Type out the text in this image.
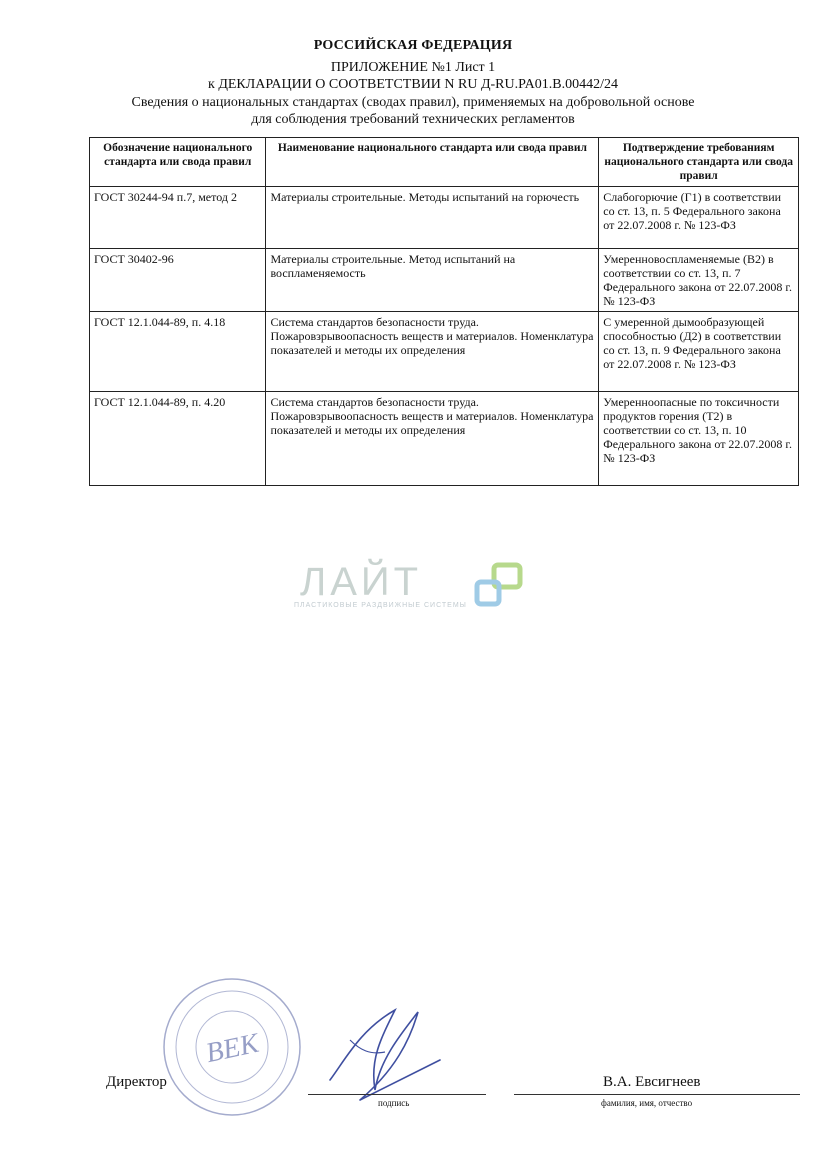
РОССИЙСКАЯ ФЕДЕРАЦИЯ
ПРИЛОЖЕНИЕ №1 Лист 1
к ДЕКЛАРАЦИИ О СООТВЕТСТВИИ N RU Д-RU.PA01.B.00442/24
Сведения о национальных стандартах (сводах правил), применяемых на добровольной основе
для соблюдения требований технических регламентов
Обозначение национального стандарта или свода правил	Наименование национального стандарта или свода правил	Подтверждение требованиям национального стандарта или свода правил
ГОСТ 30244-94 п.7, метод 2	Материалы строительные. Методы испытаний на горючесть	Слабогорючие (Г1) в соответствии со ст. 13, п. 5 Федерального закона от 22.07.2008 г. № 123-ФЗ
ГОСТ 30402-96	Материалы строительные. Метод испытаний на воспламеняемость	Умеренновоспламеняемые (В2) в соответствии со ст. 13, п. 7 Федерального закона от 22.07.2008 г. № 123-ФЗ
ГОСТ 12.1.044-89, п. 4.18	Система стандартов безопасности труда. Пожаровзрывоопасность веществ и материалов. Номенклатура показателей и методы их определения	С умеренной дымообразующей способностью (Д2) в соответствии со ст. 13, п. 9 Федерального закона от 22.07.2008 г. № 123-ФЗ
ГОСТ 12.1.044-89, п. 4.20	Система стандартов безопасности труда. Пожаровзрывоопасность веществ и материалов. Номенклатура показателей и методы их определения	Умеренноопасные по токсичности продуктов горения (Т2) в соответствии со ст. 13, п. 10 Федерального закона от 22.07.2008 г. № 123-ФЗ
ЛАЙТ
ПЛАСТИКОВЫЕ РАЗДВИЖНЫЕ СИСТЕМЫ
ВЕК
Директор
подпись
В.А. Евсигнеев
фамилия, имя, отчество
